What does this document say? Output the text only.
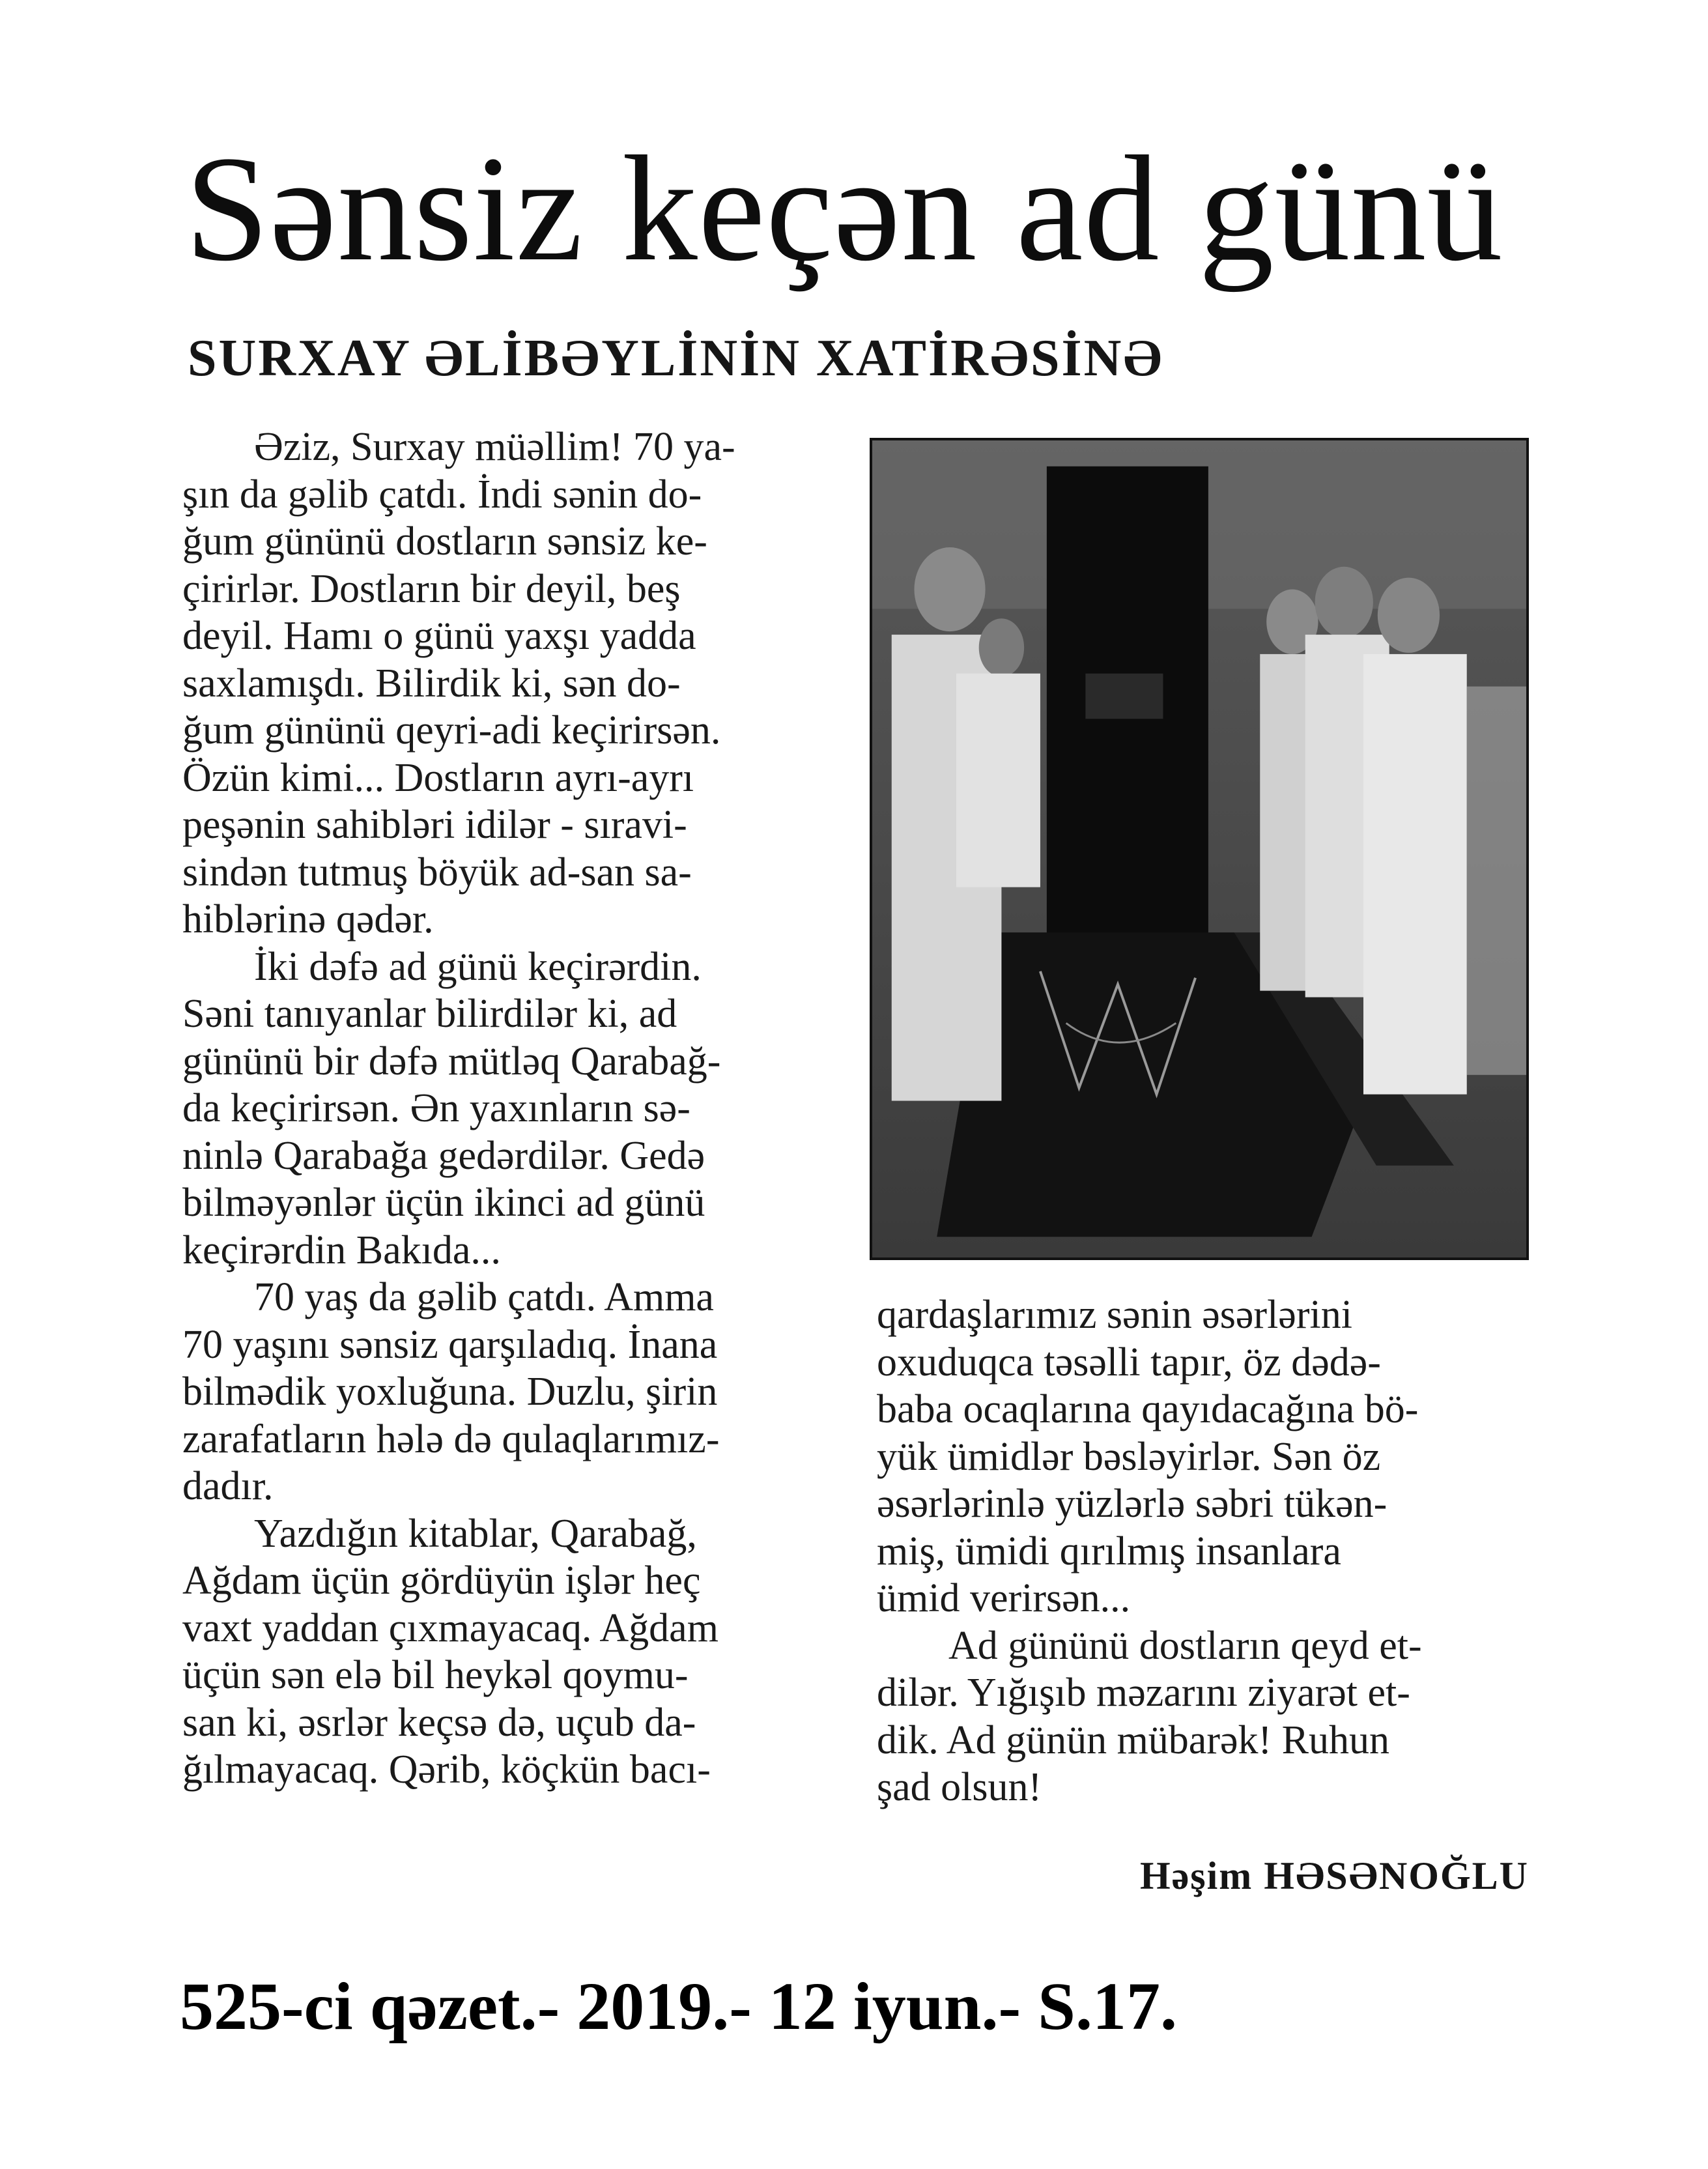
Sənsiz keçən ad günü
SURXAY ƏLİBƏYLİNİN XATİRƏSİNƏ
Əziz, Surxay müəllim! 70 ya-
şın da gəlib çatdı. İndi sənin do-
ğum gününü dostların sənsiz ke-
çirirlər. Dostların bir deyil, beş
deyil. Hamı o günü yaxşı yadda
saxlamışdı. Bilirdik ki, sən do-
ğum gününü qeyri-adi keçirirsən.
Özün kimi... Dostların ayrı-ayrı
peşənin sahibləri idilər - sıravi-
sindən tutmuş böyük ad-san sa-
hiblərinə qədər.
İki dəfə ad günü keçirərdin.
Səni tanıyanlar bilirdilər ki, ad
gününü bir dəfə mütləq Qarabağ-
da keçirirsən. Ən yaxınların sə-
ninlə Qarabağa gedərdilər. Gedə
bilməyənlər üçün ikinci ad günü
keçirərdin Bakıda...
70 yaş da gəlib çatdı. Amma
70 yaşını sənsiz qarşıladıq. İnana
bilmədik yoxluğuna. Duzlu, şirin
zarafatların hələ də qulaqlarımız-
dadır.
Yazdığın kitablar, Qarabağ,
Ağdam üçün gördüyün işlər heç
vaxt yaddan çıxmayacaq. Ağdam
üçün sən elə bil heykəl qoymu-
san ki, əsrlər keçsə də, uçub da-
ğılmayacaq. Qərib, köçkün bacı-
qardaşlarımız sənin əsərlərini
oxuduqca təsəlli tapır, öz dədə-
baba ocaqlarına qayıdacağına bö-
yük ümidlər bəsləyirlər. Sən öz
əsərlərinlə yüzlərlə səbri tükən-
miş, ümidi qırılmış insanlara
ümid verirsən...
Ad gününü dostların qeyd et-
dilər. Yığışıb məzarını ziyarət et-
dik. Ad günün mübarək! Ruhun
şad olsun!
Həşim HƏSƏNOĞLU
525-ci qəzet.- 2019.- 12 iyun.- S.17.
